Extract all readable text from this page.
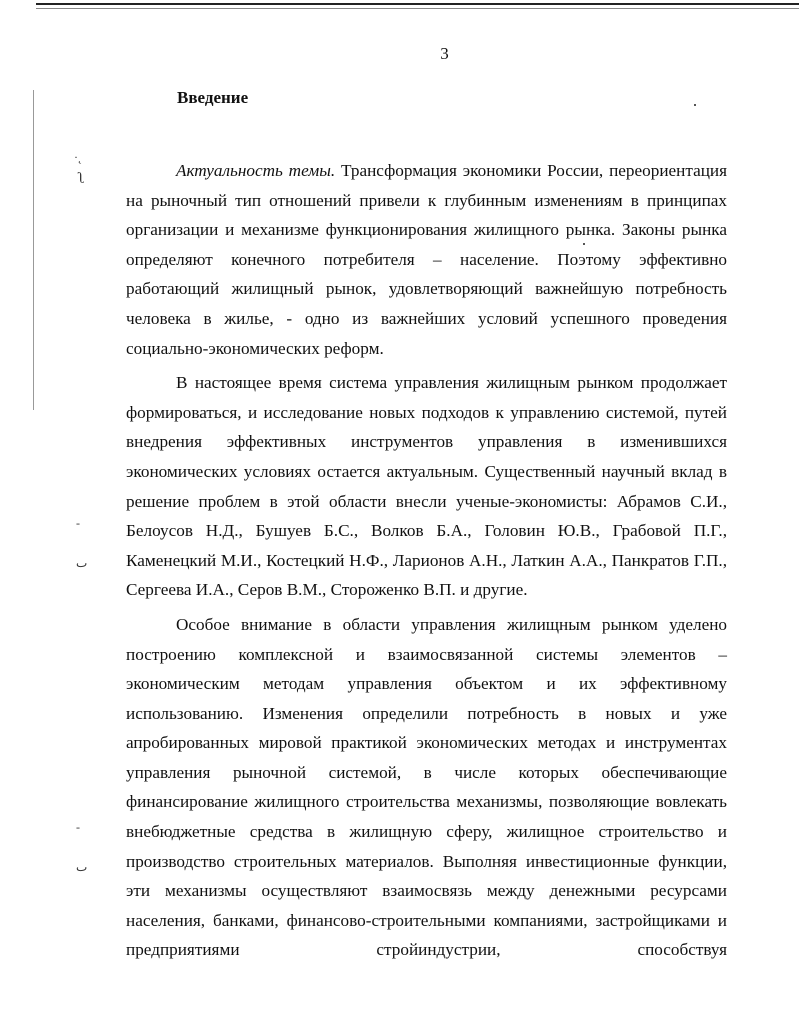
·˛
ʅ
-
ٮ
-
ٮ
3
Введение

Актуальность темы. Трансформация экономики России, переориентация на рыночный тип отношений привели к глубинным изменениям в принципах организации и механизме функционирования жилищного рынка. Законы рынка определяют конечного потребителя – население. Поэтому эффективно работающий жилищный рынок, удовлетворяющий важнейшую потребность человека в жилье, - одно из важнейших условий успешного проведения социально-экономических реформ.

В настоящее время система управления жилищным рынком продолжает формироваться, и исследование новых подходов к управлению системой, путей внедрения эффективных инструментов управления в изменившихся экономических условиях остается актуальным. Существенный научный вклад в решение проблем в этой области внесли ученые-экономисты: Абрамов С.И., Белоусов Н.Д., Бушуев Б.С., Волков Б.А., Головин Ю.В., Грабовой П.Г., Каменецкий М.И., Костецкий Н.Ф., Ларионов А.Н., Латкин А.А., Панкратов Г.П., Сергеева И.А., Серов В.М., Стороженко В.П. и другие.

Особое внимание в области управления жилищным рынком уделено построению комплексной и взаимосвязанной системы элементов – экономическим методам управления объектом и их эффективному использованию. Изменения определили потребность в новых и уже апробированных мировой практикой экономических методах и инструментах управления рыночной системой, в числе которых обеспечивающие финансирование жилищного строительства механизмы, позволяющие вовлекать внебюджетные средства в жилищную сферу, жилищное строительство и производство строительных материалов. Выполняя инвестиционные функции, эти механизмы осуществляют взаимосвязь между денежными ресурсами населения, банками, финансово-строительными компаниями, застройщиками и предприятиями стройиндустрии, способствуя
